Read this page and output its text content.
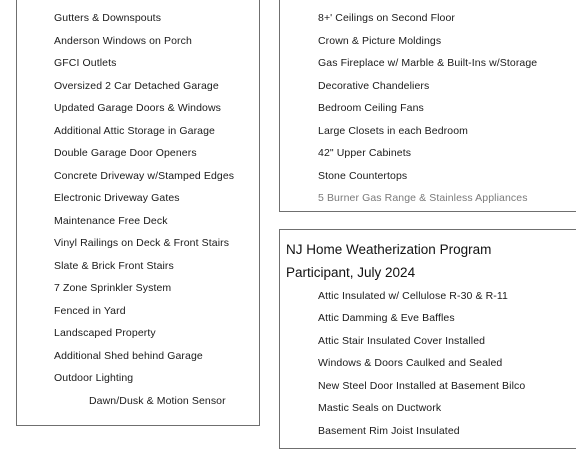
Gutters & Downspouts
Anderson Windows on Porch
GFCI Outlets
Oversized 2 Car Detached Garage
Updated Garage Doors & Windows
Additional Attic Storage in Garage
Double Garage Door Openers
Concrete Driveway w/Stamped Edges
Electronic Driveway Gates
Maintenance Free Deck
Vinyl Railings on Deck & Front Stairs
Slate & Brick Front Stairs
7 Zone Sprinkler System
Fenced in Yard
Landscaped Property
Additional Shed behind Garage
Outdoor Lighting
Dawn/Dusk & Motion Sensor
8+' Ceilings on Second Floor
Crown & Picture Moldings
Gas Fireplace w/ Marble & Built-Ins w/Storage
Decorative Chandeliers
Bedroom Ceiling Fans
Large Closets in each Bedroom
42" Upper Cabinets
Stone Countertops
5 Burner Gas Range & Stainless Appliances
NJ Home Weatherization Program
Participant, July 2024
Attic Insulated w/ Cellulose R-30 & R-11
Attic Damming & Eve Baffles
Attic Stair Insulated Cover Installed
Windows & Doors Caulked and Sealed
New Steel Door Installed at Basement Bilco
Mastic Seals on Ductwork
Basement Rim Joist Insulated
